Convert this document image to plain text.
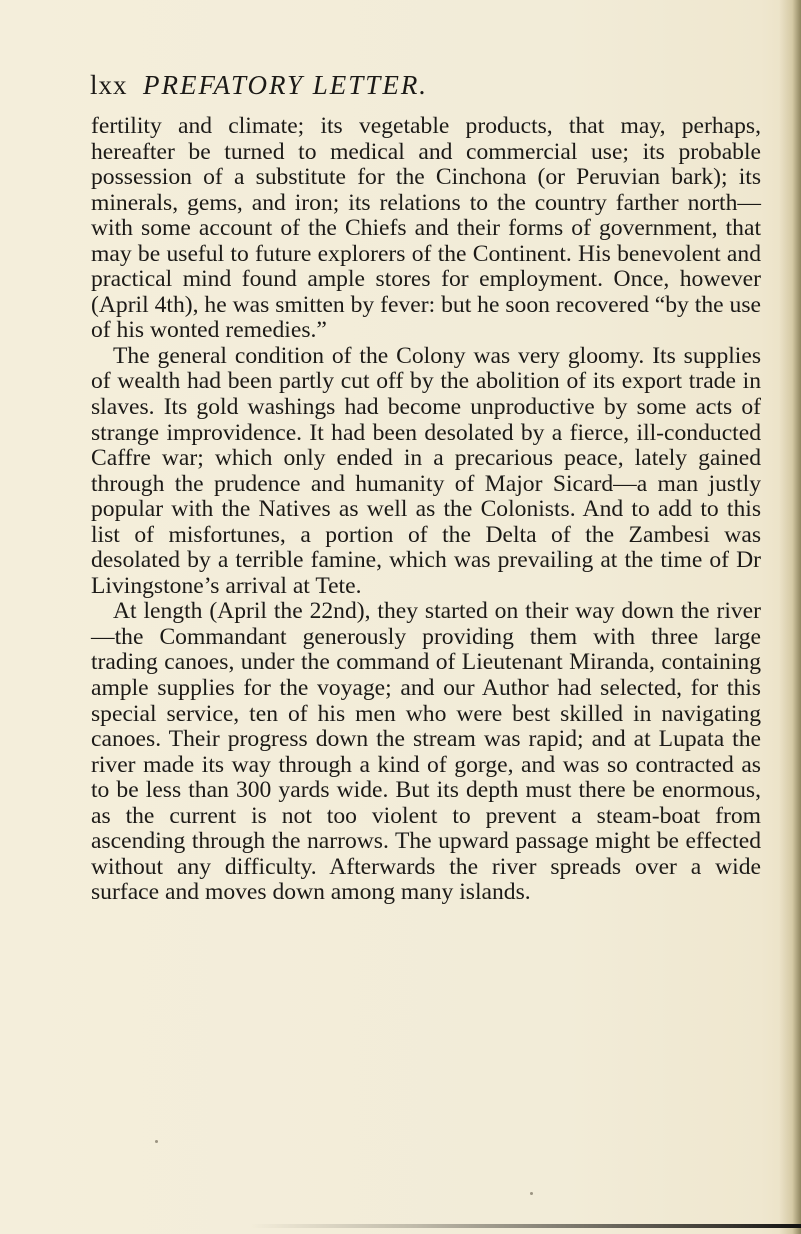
lxx PREFATORY LETTER.

fertility and climate; its vegetable products, that may, perhaps, hereafter be turned to medical and commercial use; its probable possession of a substitute for the Cinchona (or Peruvian bark); its minerals, gems, and iron; its relations to the country farther north—with some account of the Chiefs and their forms of government, that may be useful to future explorers of the Continent. His benevolent and practical mind found ample stores for employment. Once, however (April 4th), he was smitten by fever: but he soon recovered “by the use of his wonted remedies.”

The general condition of the Colony was very gloomy. Its supplies of wealth had been partly cut off by the abolition of its export trade in slaves. Its gold washings had become unproductive by some acts of strange improvidence. It had been desolated by a fierce, ill-conducted Caffre war; which only ended in a precarious peace, lately gained through the prudence and humanity of Major Sicard—a man justly popular with the Natives as well as the Colonists. And to add to this list of misfortunes, a portion of the Delta of the Zambesi was desolated by a terrible famine, which was prevailing at the time of Dr Livingstone’s arrival at Tete.

At length (April the 22nd), they started on their way down the river—the Commandant generously providing them with three large trading canoes, under the command of Lieutenant Miranda, containing ample supplies for the voyage; and our Author had selected, for this special service, ten of his men who were best skilled in navigating canoes. Their progress down the stream was rapid; and at Lupata the river made its way through a kind of gorge, and was so contracted as to be less than 300 yards wide. But its depth must there be enormous, as the current is not too violent to prevent a steam-boat from ascending through the narrows. The upward passage might be effected without any difficulty. Afterwards the river spreads over a wide surface and moves down among many islands.
